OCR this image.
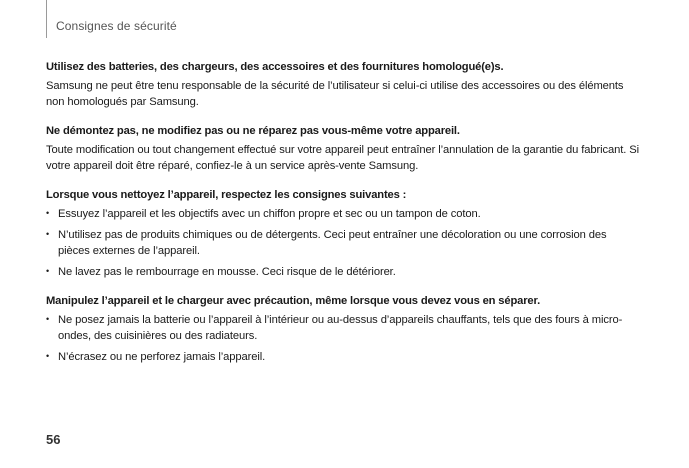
Consignes de sécurité

Utilisez des batteries, des chargeurs, des accessoires et des fournitures homologué(e)s.

Samsung ne peut être tenu responsable de la sécurité de l’utilisateur si celui-ci utilise des accessoires ou des éléments non homologués par Samsung.

Ne démontez pas, ne modifiez pas ou ne réparez pas vous-même votre appareil.

Toute modification ou tout changement effectué sur votre appareil peut entraîner l’annulation de la garantie du fabricant. Si votre appareil doit être réparé, confiez-le à un service après-vente Samsung.

Lorsque vous nettoyez l’appareil, respectez les consignes suivantes :

• Essuyez l’appareil et les objectifs avec un chiffon propre et sec ou un tampon de coton.
• N’utilisez pas de produits chimiques ou de détergents. Ceci peut entraîner une décoloration ou une corrosion des pièces externes de l’appareil.
• Ne lavez pas le rembourrage en mousse. Ceci risque de le détériorer.

Manipulez l’appareil et le chargeur avec précaution, même lorsque vous devez vous en séparer.

• Ne posez jamais la batterie ou l’appareil à l’intérieur ou au-dessus d’appareils chauffants, tels que des fours à micro-ondes, des cuisinières ou des radiateurs.
• N’écrasez ou ne perforez jamais l’appareil.
56
